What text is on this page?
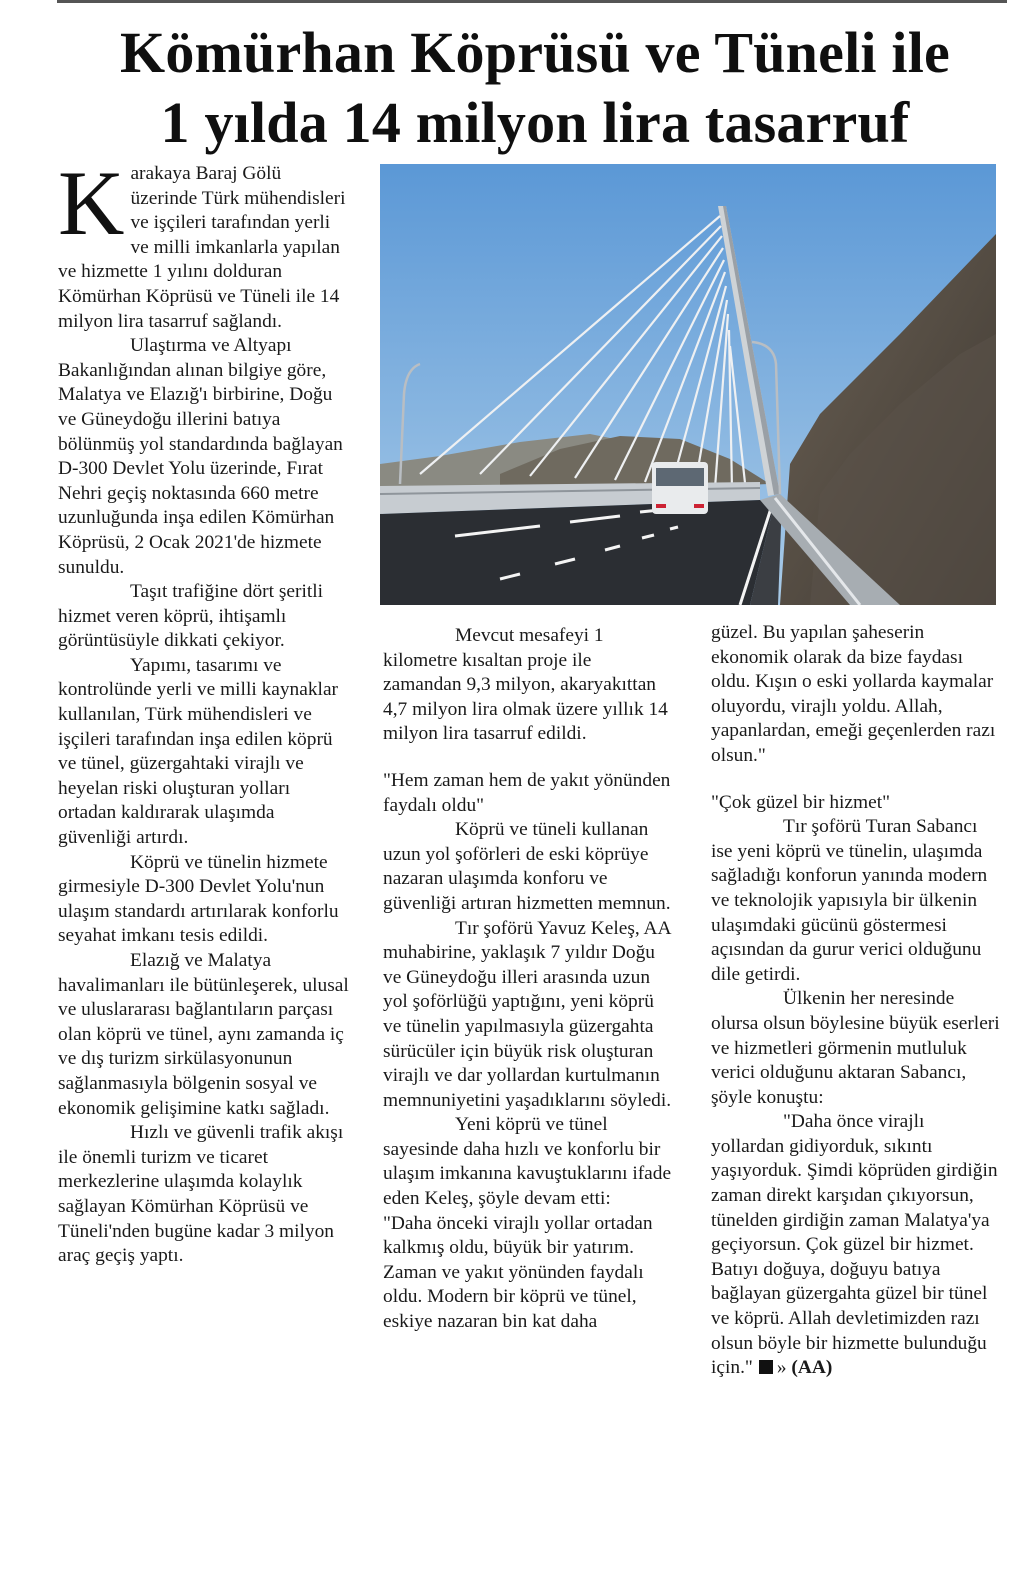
Kömürhan Köprüsü ve Tüneli ile
1 yılda 14 milyon lira tasarruf

Karakaya Baraj Gölü üzerinde Türk mühendisleri ve işçileri tarafından yerli ve milli imkanlarla yapılan ve hizmette 1 yılını dolduran Kömürhan Köprüsü ve Tüneli ile 14 milyon lira tasarruf sağlandı.

Ulaştırma ve Altyapı Bakanlığından alınan bilgiye göre, Malatya ve Elazığ'ı birbirine, Doğu ve Güneydoğu illerini batıya bölünmüş yol standardında bağlayan D-300 Devlet Yolu üzerinde, Fırat Nehri geçiş noktasında 660 metre uzunluğunda inşa edilen Kömürhan Köprüsü, 2 Ocak 2021'de hizmete sunuldu.

Taşıt trafiğine dört şeritli hizmet veren köprü, ihtişamlı görüntüsüyle dikkati çekiyor.

Yapımı, tasarımı ve kontrolünde yerli ve milli kaynaklar kullanılan, Türk mühendisleri ve işçileri tarafından inşa edilen köprü ve tünel, güzergahtaki virajlı ve heyelan riski oluşturan yolları ortadan kaldırarak ulaşımda güvenliği artırdı.

Köprü ve tünelin hizmete girmesiyle D-300 Devlet Yolu'nun ulaşım standardı artırılarak konforlu seyahat imkanı tesis edildi.

Elazığ ve Malatya havalimanları ile bütünleşerek, ulusal ve uluslararası bağlantıların parçası olan köprü ve tünel, aynı zamanda iç ve dış turizm sirkülasyonunun sağlanmasıyla bölgenin sosyal ve ekonomik gelişimine katkı sağladı.

Hızlı ve güvenli trafik akışı ile önemli turizm ve ticaret merkezlerine ulaşımda kolaylık sağlayan Kömürhan Köprüsü ve Tüneli'nden bugüne kadar 3 milyon araç geçiş yaptı.

Mevcut mesafeyi 1 kilometre kısaltan proje ile zamandan 9,3 milyon, akaryakıttan 4,7 milyon lira olmak üzere yıllık 14 milyon lira tasarruf edildi.

"Hem zaman hem de yakıt yönünden faydalı oldu"

Köprü ve tüneli kullanan uzun yol şoförleri de eski köprüye nazaran ulaşımda konforu ve güvenliği artıran hizmetten memnun.

Tır şoförü Yavuz Keleş, AA muhabirine, yaklaşık 7 yıldır Doğu ve Güneydoğu illeri arasında uzun yol şoförlüğü yaptığını, yeni köprü ve tünelin yapılmasıyla güzergahta sürücüler için büyük risk oluşturan virajlı ve dar yollardan kurtulmanın memnuniyetini yaşadıklarını söyledi.

Yeni köprü ve tünel sayesinde daha hızlı ve konforlu bir ulaşım imkanına kavuştuklarını ifade eden Keleş, şöyle devam etti:

"Daha önceki virajlı yollar ortadan kalkmış oldu, büyük bir yatırım. Zaman ve yakıt yönünden faydalı oldu. Modern bir köprü ve tünel, eskiye nazaran bin kat daha

güzel. Bu yapılan şaheserin ekonomik olarak da bize faydası oldu. Kışın o eski yollarda kaymalar oluyordu, virajlı yoldu. Allah, yapanlardan, emeği geçenlerden razı olsun."

"Çok güzel bir hizmet"

Tır şoförü Turan Sabancı ise yeni köprü ve tünelin, ulaşımda sağladığı konforun yanında modern ve teknolojik yapısıyla bir ülkenin ulaşımdaki gücünü göstermesi açısından da gurur verici olduğunu dile getirdi.

Ülkenin her neresinde olursa olsun böylesine büyük eserleri ve hizmetleri görmenin mutluluk verici olduğunu aktaran Sabancı, şöyle konuştu:

"Daha önce virajlı yollardan gidiyorduk, sıkıntı yaşıyorduk. Şimdi köprüden girdiğin zaman direkt karşıdan çıkıyorsun, tünelden girdiğin zaman Malatya'ya geçiyorsun. Çok güzel bir hizmet. Batıyı doğuya, doğuyu batıya bağlayan güzergahta güzel bir tünel ve köprü. Allah devletimizden razı olsun böyle bir hizmette bulunduğu için." » (AA)
